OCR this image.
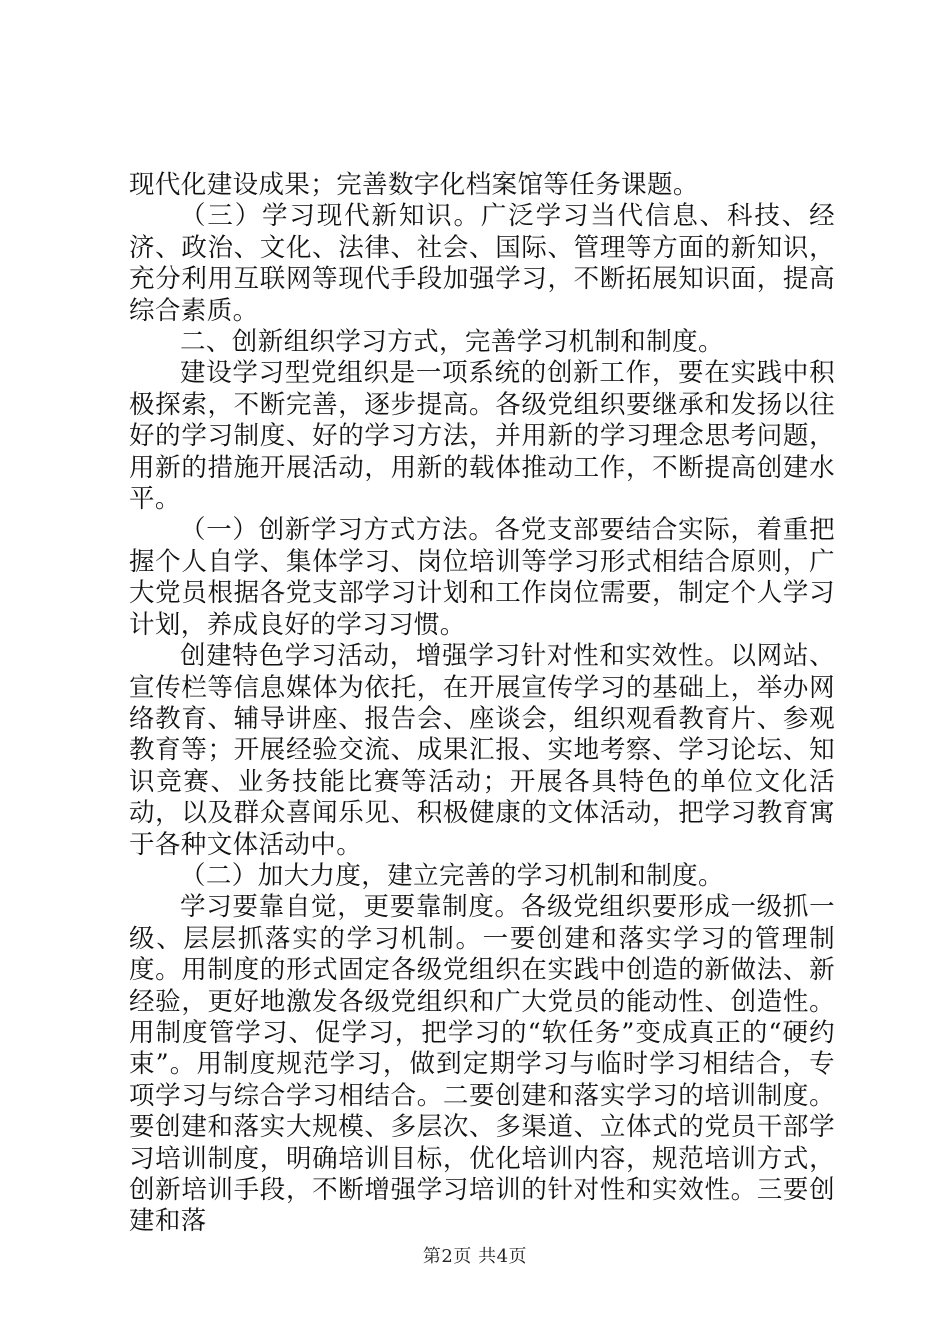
现代化建设成果；完善数字化档案馆等任务课题。

（三）学习现代新知识。广泛学习当代信息、科技、经济、政治、文化、法律、社会、国际、管理等方面的新知识，充分利用互联网等现代手段加强学习，不断拓展知识面，提高综合素质。

二、创新组织学习方式，完善学习机制和制度。

建设学习型党组织是一项系统的创新工作，要在实践中积极探索，不断完善，逐步提高。各级党组织要继承和发扬以往好的学习制度、好的学习方法，并用新的学习理念思考问题，用新的措施开展活动，用新的载体推动工作，不断提高创建水平。

（一）创新学习方式方法。各党支部要结合实际，着重把握个人自学、集体学习、岗位培训等学习形式相结合原则，广大党员根据各党支部学习计划和工作岗位需要，制定个人学习计划，养成良好的学习习惯。

创建特色学习活动，增强学习针对性和实效性。以网站、宣传栏等信息媒体为依托，在开展宣传学习的基础上，举办网络教育、辅导讲座、报告会、座谈会，组织观看教育片、参观教育等；开展经验交流、成果汇报、实地考察、学习论坛、知识竞赛、业务技能比赛等活动；开展各具特色的单位文化活动，以及群众喜闻乐见、积极健康的文体活动，把学习教育寓于各种文体活动中。

（二）加大力度，建立完善的学习机制和制度。

学习要靠自觉，更要靠制度。各级党组织要形成一级抓一级、层层抓落实的学习机制。一要创建和落实学习的管理制度。用制度的形式固定各级党组织在实践中创造的新做法、新经验，更好地激发各级党组织和广大党员的能动性、创造性。用制度管学习、促学习，把学习的“软任务”变成真正的“硬约束”。用制度规范学习，做到定期学习与临时学习相结合，专项学习与综合学习相结合。二要创建和落实学习的培训制度。要创建和落实大规模、多层次、多渠道、立体式的党员干部学习培训制度，明确培训目标，优化培训内容，规范培训方式，创新培训手段，不断增强学习培训的针对性和实效性。三要创建和落

第2页 共4页
